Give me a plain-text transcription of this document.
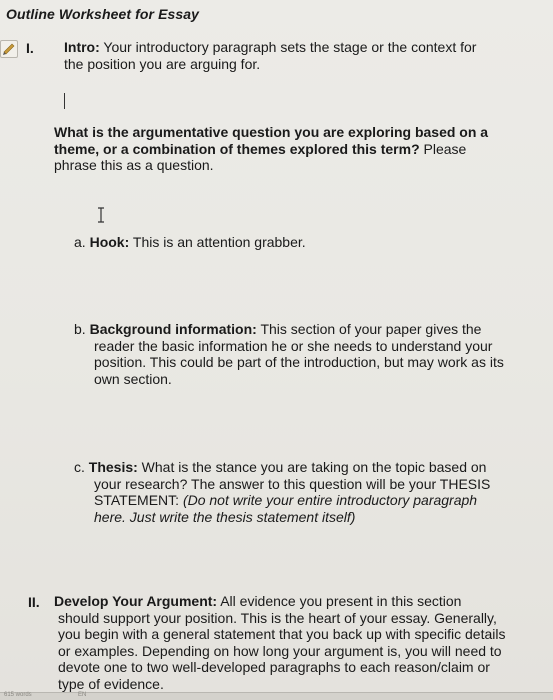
Outline Worksheet for Essay
I. Intro: Your introductory paragraph sets the stage or the context for
the position you are arguing for.
What is the argumentative question you are exploring based on a
theme, or a combination of themes explored this term? Please
phrase this as a question.
a. Hook: This is an attention grabber.
b. Background information: This section of your paper gives the
reader the basic information he or she needs to understand your
position. This could be part of the introduction, but may work as its
own section.
c. Thesis: What is the stance you are taking on the topic based on
your research? The answer to this question will be your THESIS
STATEMENT: (Do not write your entire introductory paragraph
here. Just write the thesis statement itself)
II. Develop Your Argument: All evidence you present in this section
should support your position. This is the heart of your essay. Generally,
you begin with a general statement that you back up with specific details
or examples. Depending on how long your argument is, you will need to
devote one to two well-developed paragraphs to each reason/claim or
type of evidence.
615 words	EN
